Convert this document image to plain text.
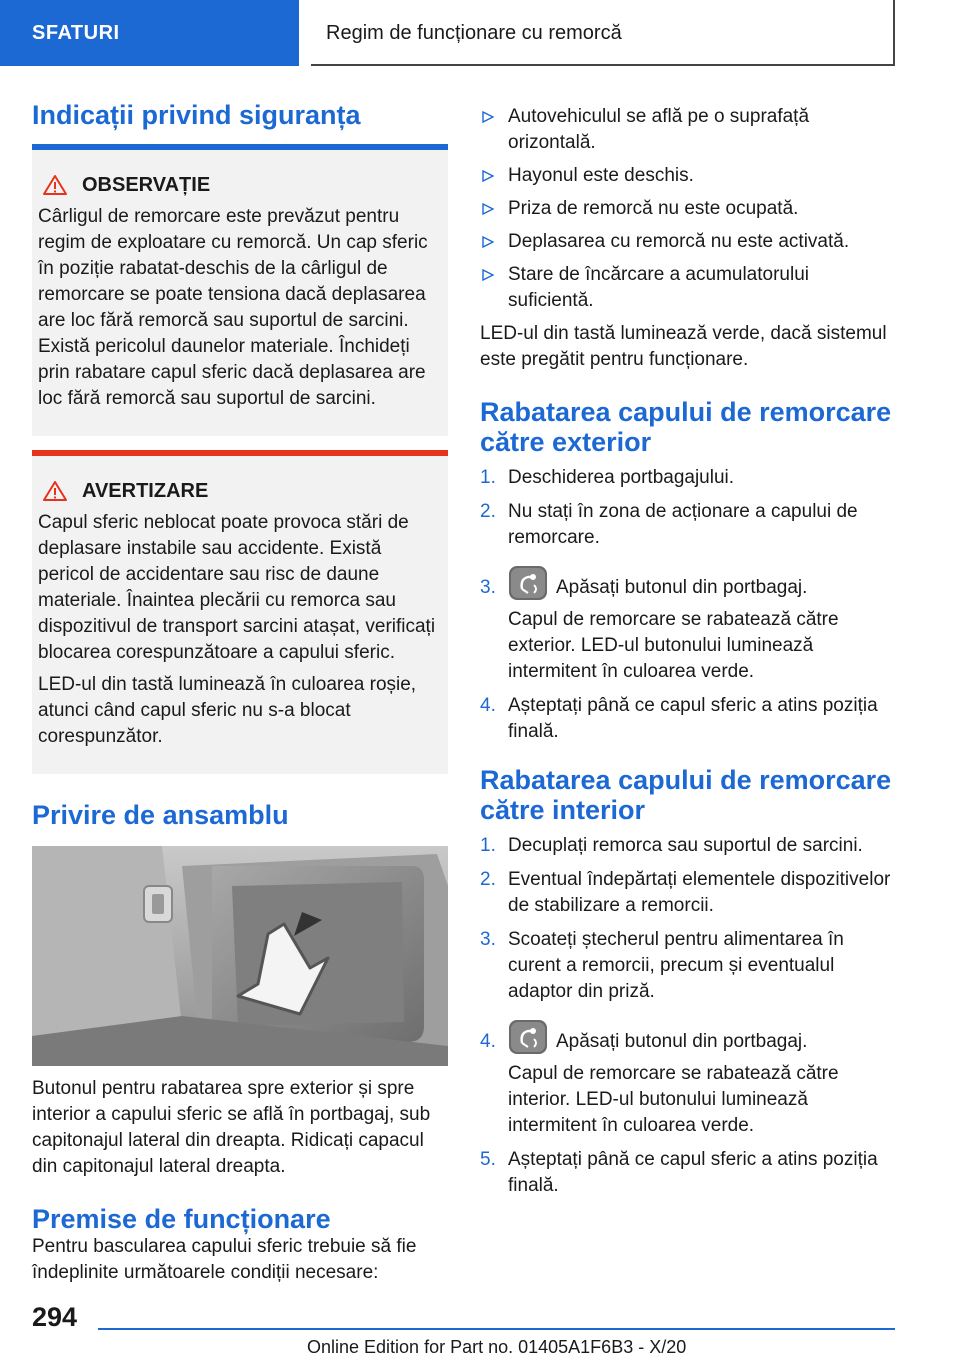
SFATURI	Regim de funcționare cu remorcă
Indicații privind siguranța
OBSERVAȚIE

Cârligul de remorcare este prevăzut pentru regim de exploatare cu remorcă. Un cap sferic în poziție rabatat-deschis de la cârligul de remorcare se poate tensiona dacă deplasarea are loc fără remorcă sau suportul de sarcini. Există pericolul daunelor materiale. Închideți prin rabatare capul sferic dacă deplasarea are loc fără remorcă sau suportul de sarcini.

AVERTIZARE

Capul sferic neblocat poate provoca stări de deplasare instabile sau accidente. Există pericol de accidentare sau risc de daune materiale. Înaintea plecării cu remorca sau dispozitivul de transport sarcini atașat, verificați blocarea corespunzătoare a capului sferic.

LED-ul din tastă luminează în culoarea roșie, atunci când capul sferic nu s-a blocat corespunzător.

Privire de ansamblu

Butonul pentru rabatarea spre exterior și spre interior a capului sferic se află în portbagaj, sub capitonajul lateral din dreapta. Ridicați capacul din capitonajul lateral dreapta.

Premise de funcționare

Pentru bascularea capului sferic trebuie să fie îndeplinite următoarele condiții necesare:

Autovehiculul se află pe o suprafață orizontală.
Hayonul este deschis.
Priza de remorcă nu este ocupată.
Deplasarea cu remorcă nu este activată.
Stare de încărcare a acumulatorului suficientă.

LED-ul din tastă luminează verde, dacă sistemul este pregătit pentru funcționare.

Rabatarea capului de remorcare către exterior
1. Deschiderea portbagajului.
2. Nu stați în zona de acționare a capului de remorcare.
3.	Apăsați butonul din portbagaj.
Capul de remorcare se rabatează către exterior. LED-ul butonului luminează intermitent în culoarea verde.
4. Așteptați până ce capul sferic a atins poziția finală.
Rabatarea capului de remorcare către interior
1. Decuplați remorca sau suportul de sarcini.
2. Eventual îndepărtați elementele dispozitivelor de stabilizare a remorcii.
3. Scoateți ștecherul pentru alimentarea în curent a remorcii, precum și eventualul adaptor din priză.
4.	Apăsați butonul din portbagaj.
Capul de remorcare se rabatează către interior. LED-ul butonului luminează intermitent în culoarea verde.
5. Așteptați până ce capul sferic a atins poziția finală.
294
Online Edition for Part no. 01405A1F6B3 - X/20
